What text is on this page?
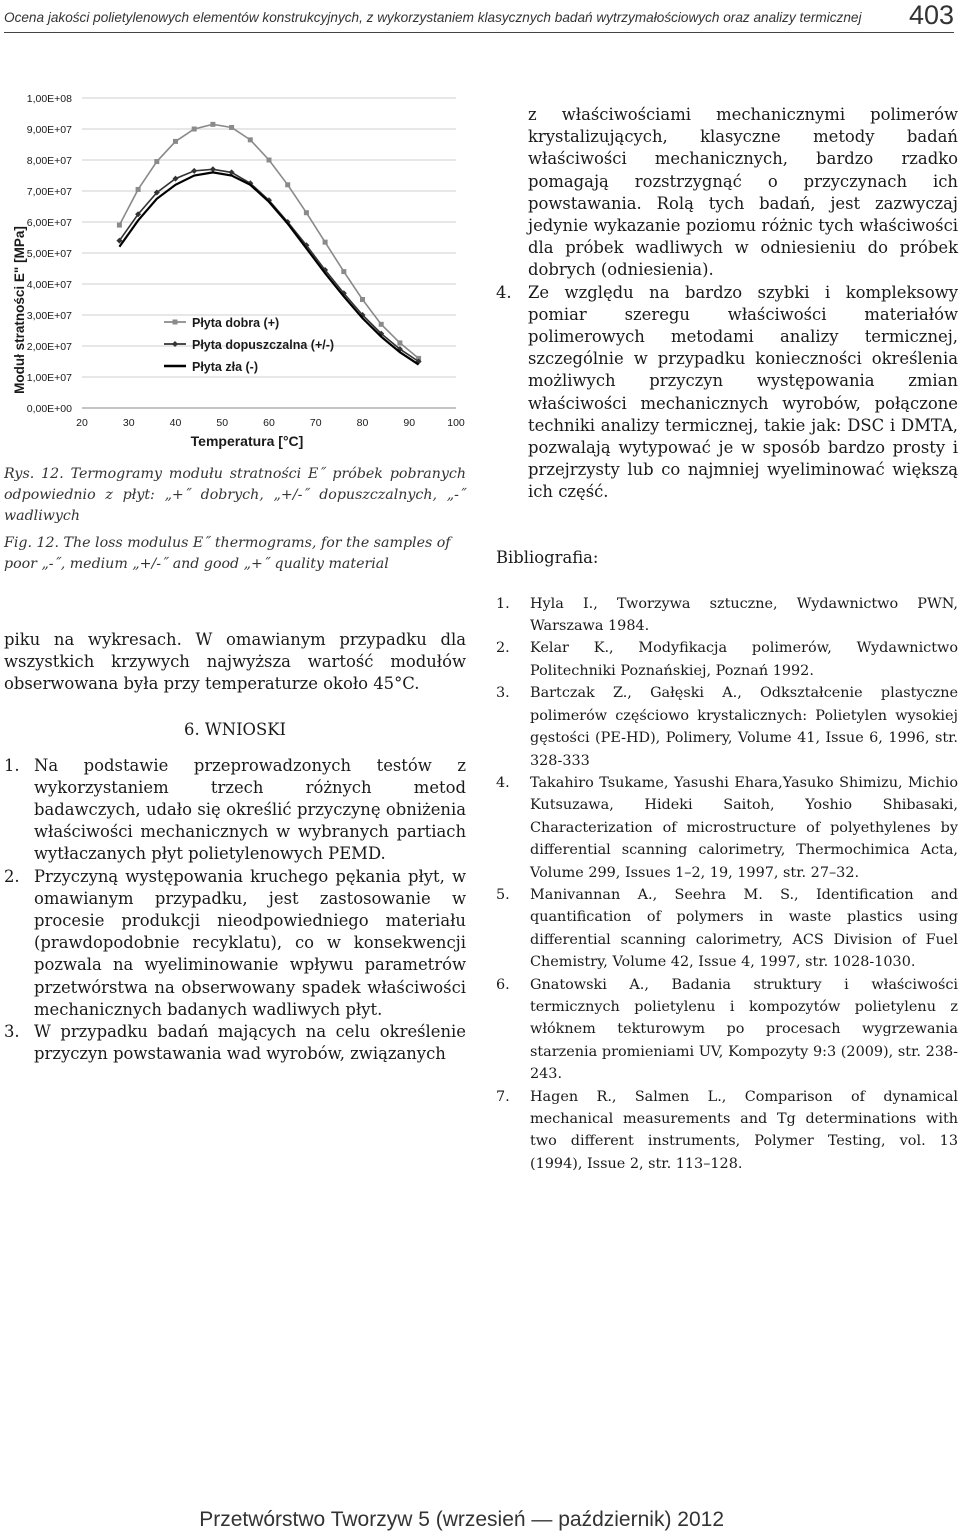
Ocena jakości polietylenowych elementów konstrukcyjnych, z wykorzystaniem klasycznych badań wytrzymałościowych oraz analizy termicznej 403
0,00E+00
1,00E+07
2,00E+07
3,00E+07
4,00E+07
5,00E+07
6,00E+07
7,00E+07
8,00E+07
9,00E+07
1,00E+08
20	30	40	50	60	70	80	90	100
Płyta dobra (+)
Płyta dopuszczalna (+/-)
Płyta zła (-)
Moduł stratności E" [MPa]
Temperatura [°C]

Rys. 12. Termogramy modułu stratności E˝ próbek pobranych odpowiednio z płyt: „+˝ dobrych, „+/-˝ dopuszczalnych, „-˝ wadliwych

Fig. 12. The loss modulus E˝ thermograms, for the samples of poor „-˝, medium „+/-˝ and good „+˝ quality material

piku na wykresach. W omawianym przypadku dla wszystkich krzywych najwyższa wartość modułów obserwowana była przy temperaturze około 45°C.

6. WNIOSKI
1. Na podstawie przeprowadzonych testów z wykorzystaniem trzech różnych metod badawczych, udało się określić przyczynę obniżenia właściwości mechanicznych w wybranych partiach wytłaczanych płyt polietylenowych PEMD.
2. Przyczyną występowania kruchego pękania płyt, w omawianym przypadku, jest zastosowanie w procesie produkcji nieodpowiedniego materiału (prawdopodobnie recyklatu), co w konsekwencji pozwala na wyeliminowanie wpływu parametrów przetwórstwa na obserwowany spadek właściwości mechanicznych badanych wadliwych płyt.
3. W przypadku badań mających na celu określenie przyczyn powstawania wad wyrobów, związanych
z właściwościami mechanicznymi polimerów krystalizujących, klasyczne metody badań właściwości mechanicznych, bardzo rzadko pomagają rozstrzygnąć o przyczynach ich powstawania. Rolą tych badań, jest zazwyczaj jedynie wykazanie poziomu różnic tych właściwości dla próbek wadliwych w odniesieniu do próbek dobrych (odniesienia).
4. Ze względu na bardzo szybki i kompleksowy pomiar szeregu właściwości materiałów polimerowych metodami analizy termicznej, szczególnie w przypadku konieczności określenia możliwych przyczyn występowania zmian właściwości mechanicznych wyrobów, połączone techniki analizy termicznej, takie jak: DSC i DMTA, pozwalają wytypować je w sposób bardzo prosty i przejrzysty lub co najmniej wyeliminować większą ich część.
Bibliografia:
1. Hyla I., Tworzywa sztuczne, Wydawnictwo PWN, Warszawa 1984.
2. Kelar K., Modyfikacja polimerów, Wydawnictwo Politechniki Poznańskiej, Poznań 1992.
3. Bartczak Z., Gałęski A., Odkształcenie plastyczne polimerów częściowo krystalicznych: Polietylen wysokiej gęstości (PE-HD), Polimery, Volume 41, Issue 6, 1996, str. 328-333
4. Takahiro Tsukame, Yasushi Ehara,Yasuko Shimizu, Michio Kutsuzawa, Hideki Saitoh, Yoshio Shibasaki, Characterization of microstructure of polyethylenes by differential scanning calorimetry, Thermochimica Acta, Volume 299, Issues 1–2, 19, 1997, str. 27–32.
5. Manivannan A., Seehra M. S., Identification and quantification of polymers in waste plastics using differential scanning calorimetry, ACS Division of Fuel Chemistry, Volume 42, Issue 4, 1997, str. 1028-1030.
6. Gnatowski A., Badania struktury i właściwości termicznych polietylenu i kompozytów polietylenu z włóknem tekturowym po procesach wygrzewania starzenia promieniami UV, Kompozyty 9:3 (2009), str. 238-243.
7. Hagen R., Salmen L., Comparison of dynamical mechanical measurements and Tg determinations with two different instruments, Polymer Testing, vol. 13 (1994), Issue 2, str. 113–128.
Przetwórstwo Tworzyw 5 (wrzesień — październik) 2012
